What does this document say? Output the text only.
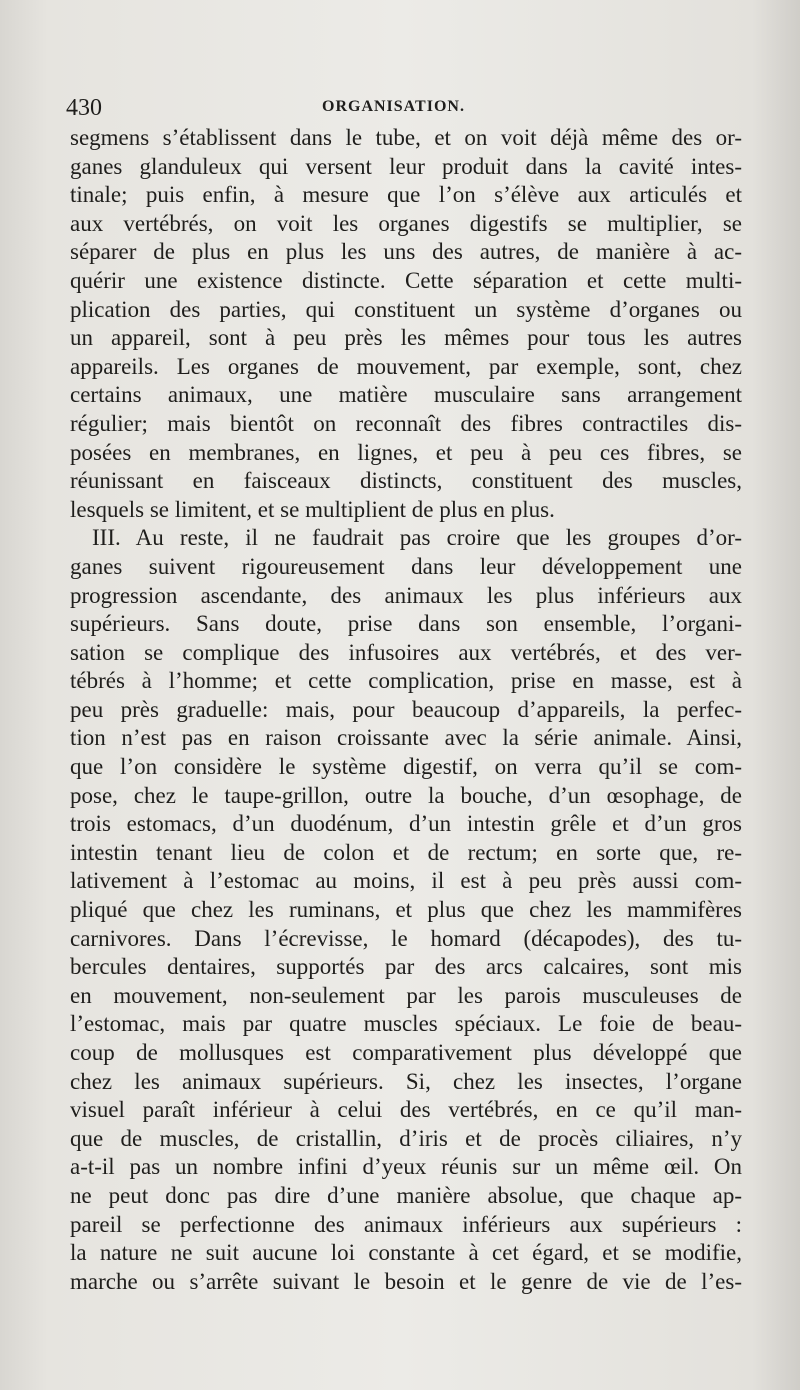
430	ORGANISATION.
segmens s’établissent dans le tube, et on voit déjà même des or-
ganes glanduleux qui versent leur produit dans la cavité intes-
tinale; puis enfin, à mesure que l’on s’élève aux articulés et
aux vertébrés, on voit les organes digestifs se multiplier, se
séparer de plus en plus les uns des autres, de manière à ac-
quérir une existence distincte. Cette séparation et cette multi-
plication des parties, qui constituent un système d’organes ou
un appareil, sont à peu près les mêmes pour tous les autres
appareils. Les organes de mouvement, par exemple, sont, chez
certains animaux, une matière musculaire sans arrangement
régulier; mais bientôt on reconnaît des fibres contractiles dis-
posées en membranes, en lignes, et peu à peu ces fibres, se
réunissant en faisceaux distincts, constituent des muscles,
lesquels se limitent, et se multiplient de plus en plus.
III. Au reste, il ne faudrait pas croire que les groupes d’or-
ganes suivent rigoureusement dans leur développement une
progression ascendante, des animaux les plus inférieurs aux
supérieurs. Sans doute, prise dans son ensemble, l’organi-
sation se complique des infusoires aux vertébrés, et des ver-
tébrés à l’homme; et cette complication, prise en masse, est à
peu près graduelle: mais, pour beaucoup d’appareils, la perfec-
tion n’est pas en raison croissante avec la série animale. Ainsi,
que l’on considère le système digestif, on verra qu’il se com-
pose, chez le taupe-grillon, outre la bouche, d’un œsophage, de
trois estomacs, d’un duodénum, d’un intestin grêle et d’un gros
intestin tenant lieu de colon et de rectum; en sorte que, re-
lativement à l’estomac au moins, il est à peu près aussi com-
pliqué que chez les ruminans, et plus que chez les mammifères
carnivores. Dans l’écrevisse, le homard (décapodes), des tu-
bercules dentaires, supportés par des arcs calcaires, sont mis
en mouvement, non-seulement par les parois musculeuses de
l’estomac, mais par quatre muscles spéciaux. Le foie de beau-
coup de mollusques est comparativement plus développé que
chez les animaux supérieurs. Si, chez les insectes, l’organe
visuel paraît inférieur à celui des vertébrés, en ce qu’il man-
que de muscles, de cristallin, d’iris et de procès ciliaires, n’y
a-t-il pas un nombre infini d’yeux réunis sur un même œil. On
ne peut donc pas dire d’une manière absolue, que chaque ap-
pareil se perfectionne des animaux inférieurs aux supérieurs :
la nature ne suit aucune loi constante à cet égard, et se modifie,
marche ou s’arrête suivant le besoin et le genre de vie de l’es-
